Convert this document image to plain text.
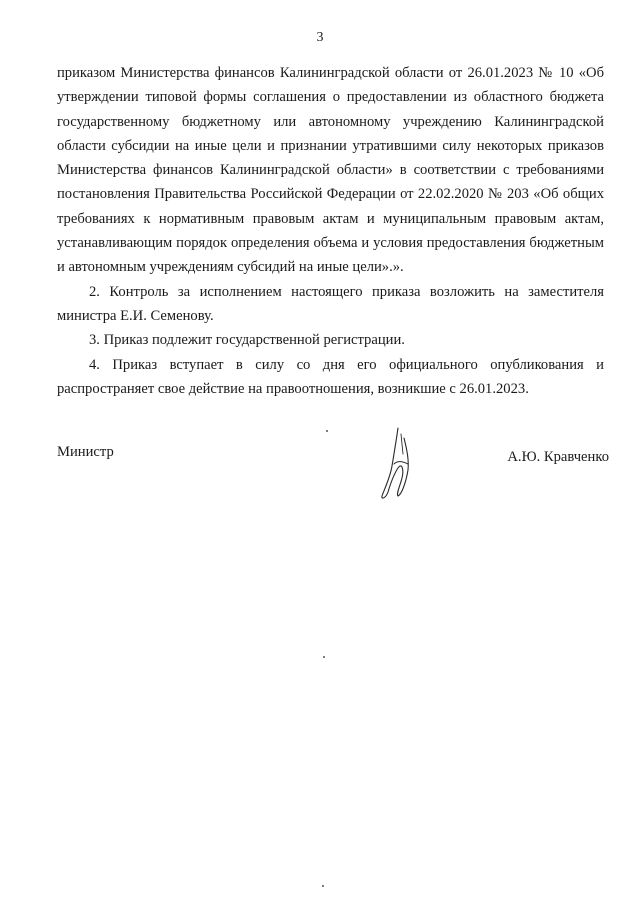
3

приказом Министерства финансов Калининградской области от 26.01.2023 № 10 «Об утверждении типовой формы соглашения о предоставлении из областного бюджета государственному бюджетному или автономному учреждению Калининградской области субсидии на иные цели и признании утратившими силу некоторых приказов Министерства финансов Калининградской области» в соответствии с требованиями постановления Правительства Российской Федерации от 22.02.2020 № 203 «Об общих требованиях к нормативным правовым актам и муниципальным правовым актам, устанавливающим порядок определения объема и условия предоставления бюджетным и автономным учреждениям субсидий на иные цели».».

2. Контроль за исполнением настоящего приказа возложить на заместителя министра Е.И. Семенову.

3. Приказ подлежит государственной регистрации.

4. Приказ вступает в силу со дня его официального опубликования и распространяет свое действие на правоотношения, возникшие с 26.01.2023.

Министр	А.Ю. Кравченко
